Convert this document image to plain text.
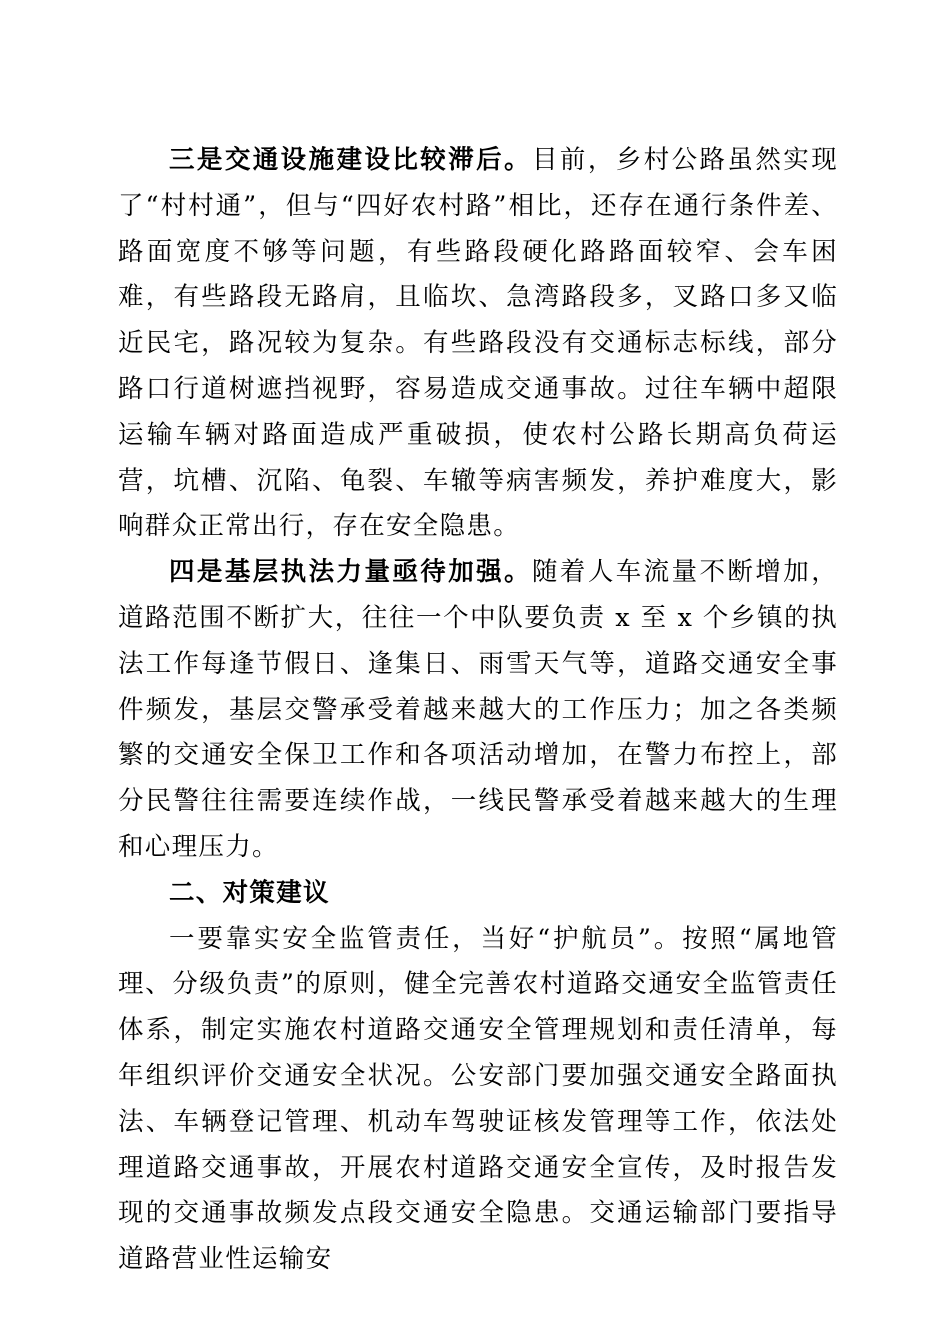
三是交通设施建设比较滞后。目前，乡村公路虽然实现了“村村通”，但与“四好农村路”相比，还存在通行条件差、路面宽度不够等问题，有些路段硬化路路面较窄、会车困难，有些路段无路肩，且临坎、急湾路段多，叉路口多又临近民宅，路况较为复杂。有些路段没有交通标志标线，部分路口行道树遮挡视野，容易造成交通事故。过往车辆中超限运输车辆对路面造成严重破损，使农村公路长期高负荷运营，坑槽、沉陷、龟裂、车辙等病害频发，养护难度大，影响群众正常出行，存在安全隐患。

四是基层执法力量亟待加强。随着人车流量不断增加，道路范围不断扩大，往往一个中队要负责 x 至 x 个乡镇的执法工作每逢节假日、逢集日、雨雪天气等，道路交通安全事件频发，基层交警承受着越来越大的工作压力；加之各类频繁的交通安全保卫工作和各项活动增加，在警力布控上，部分民警往往需要连续作战，一线民警承受着越来越大的生理和心理压力。

二、对策建议

一要靠实安全监管责任，当好“护航员”。按照“属地管理、分级负责”的原则，健全完善农村道路交通安全监管责任体系，制定实施农村道路交通安全管理规划和责任清单，每年组织评价交通安全状况。公安部门要加强交通安全路面执法、车辆登记管理、机动车驾驶证核发管理等工作，依法处理道路交通事故，开展农村道路交通安全宣传，及时报告发现的交通事故频发点段交通安全隐患。交通运输部门要指导道路营业性运输安
